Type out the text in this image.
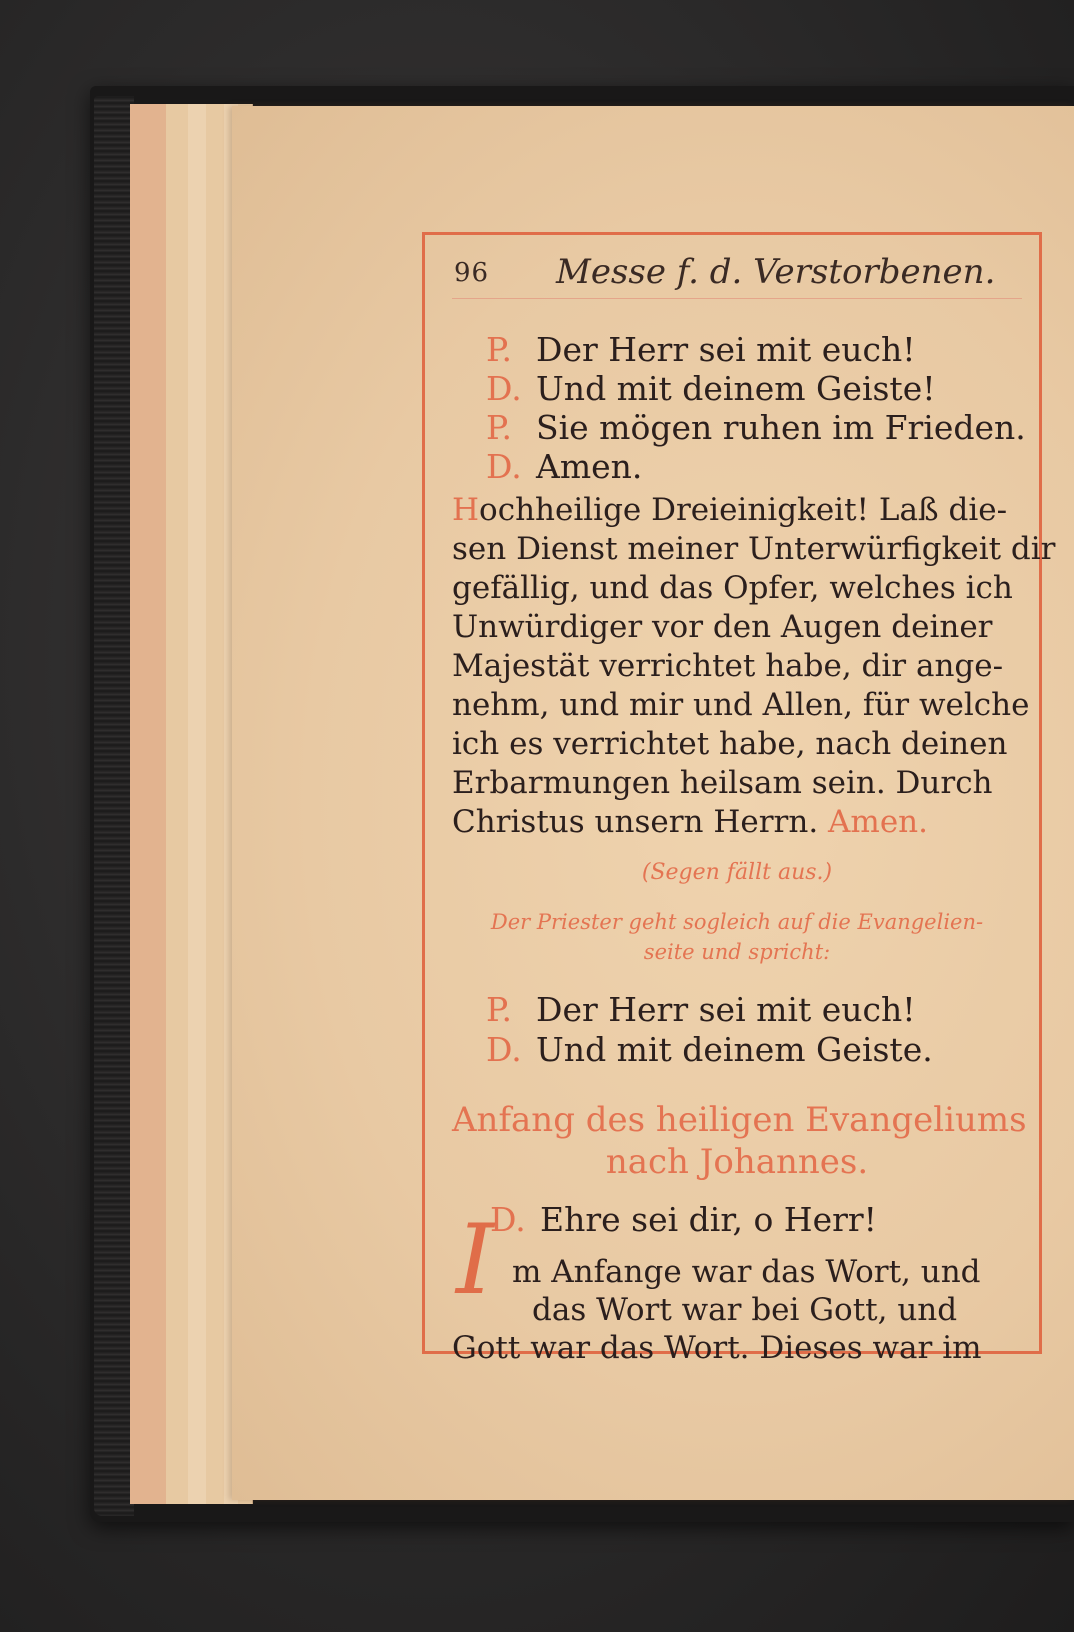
96 Messe f. d. Verstorbenen.
P. Der Herr sei mit euch!
D. Und mit deinem Geiste!
P. Sie mögen ruhen im Frieden.
D. Amen.
Hochheilige Dreieinigkeit! Laß die-
sen Dienst meiner Unterwürfigkeit dir
gefällig, und das Opfer, welches ich
Unwürdiger vor den Augen deiner
Majestät verrichtet habe, dir ange-
nehm, und mir und Allen, für welche
ich es verrichtet habe, nach deinen
Erbarmungen heilsam sein. Durch
Christus unsern Herrn. Amen.
(Segen fällt aus.)
Der Priester geht sogleich auf die Evangelien-
seite und spricht:
P. Der Herr sei mit euch!
D. Und mit deinem Geiste.
Anfang des heiligen Evangeliums
nach Johannes.
D. Ehre sei dir, o Herr!
I m Anfange war das Wort, und
das Wort war bei Gott, und
Gott war das Wort. Dieses war im
